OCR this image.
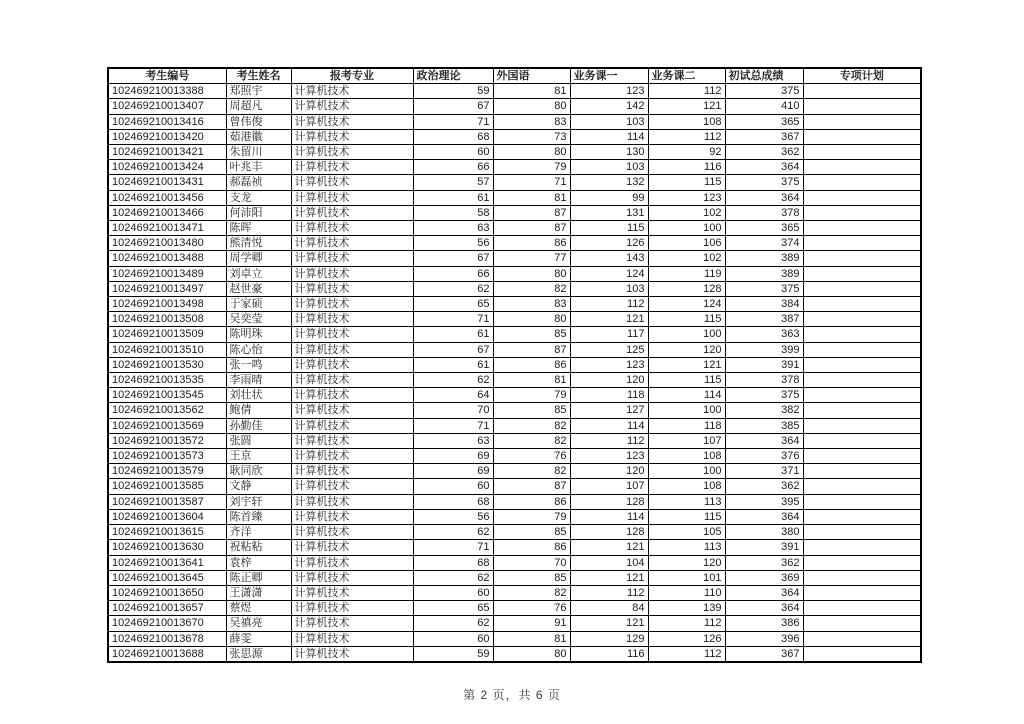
考生编号	考生姓名	报考专业	政治理论	外国语	业务课一	业务课二	初试总成绩	专项计划
102469210013388	郑照宇	计算机技术	59	81	123	112	375	
102469210013407	周超凡	计算机技术	67	80	142	121	410	
102469210013416	曾伟俊	计算机技术	71	83	103	108	365	
102469210013420	茹港徽	计算机技术	68	73	114	112	367	
102469210013421	朱留川	计算机技术	60	80	130	92	362	
102469210013424	叶兆丰	计算机技术	66	79	103	116	364	
102469210013431	郝磊祯	计算机技术	57	71	132	115	375	
102469210013456	支龙	计算机技术	61	81	99	123	364	
102469210013466	何沛阳	计算机技术	58	87	131	102	378	
102469210013471	陈晖	计算机技术	63	87	115	100	365	
102469210013480	熊清悦	计算机技术	56	86	126	106	374	
102469210013488	周学卿	计算机技术	67	77	143	102	389	
102469210013489	刘卓立	计算机技术	66	80	124	119	389	
102469210013497	赵世豪	计算机技术	62	82	103	128	375	
102469210013498	于家硕	计算机技术	65	83	112	124	384	
102469210013508	吴奕莹	计算机技术	71	80	121	115	387	
102469210013509	陈明珠	计算机技术	61	85	117	100	363	
102469210013510	陈心怡	计算机技术	67	87	125	120	399	
102469210013530	张一鸣	计算机技术	61	86	123	121	391	
102469210013535	李雨晴	计算机技术	62	81	120	115	378	
102469210013545	刘壮状	计算机技术	64	79	118	114	375	
102469210013562	鲍倩	计算机技术	70	85	127	100	382	
102469210013569	孙勤佳	计算机技术	71	82	114	118	385	
102469210013572	张圆	计算机技术	63	82	112	107	364	
102469210013573	王京	计算机技术	69	76	123	108	376	
102469210013579	耿同欣	计算机技术	69	82	120	100	371	
102469210013585	文静	计算机技术	60	87	107	108	362	
102469210013587	刘宇轩	计算机技术	68	86	128	113	395	
102469210013604	陈首臻	计算机技术	56	79	114	115	364	
102469210013615	齐洋	计算机技术	62	85	128	105	380	
102469210013630	祝粘粘	计算机技术	71	86	121	113	391	
102469210013641	袁梓	计算机技术	68	70	104	120	362	
102469210013645	陈正卿	计算机技术	62	85	121	101	369	
102469210013650	王潇潇	计算机技术	60	82	112	110	364	
102469210013657	蔡煜	计算机技术	65	76	84	139	364	
102469210013670	吴禛亮	计算机技术	62	91	121	112	386	
102469210013678	薛雯	计算机技术	60	81	129	126	396	
102469210013688	张思源	计算机技术	59	80	116	112	367	
第 2 页，共 6 页
